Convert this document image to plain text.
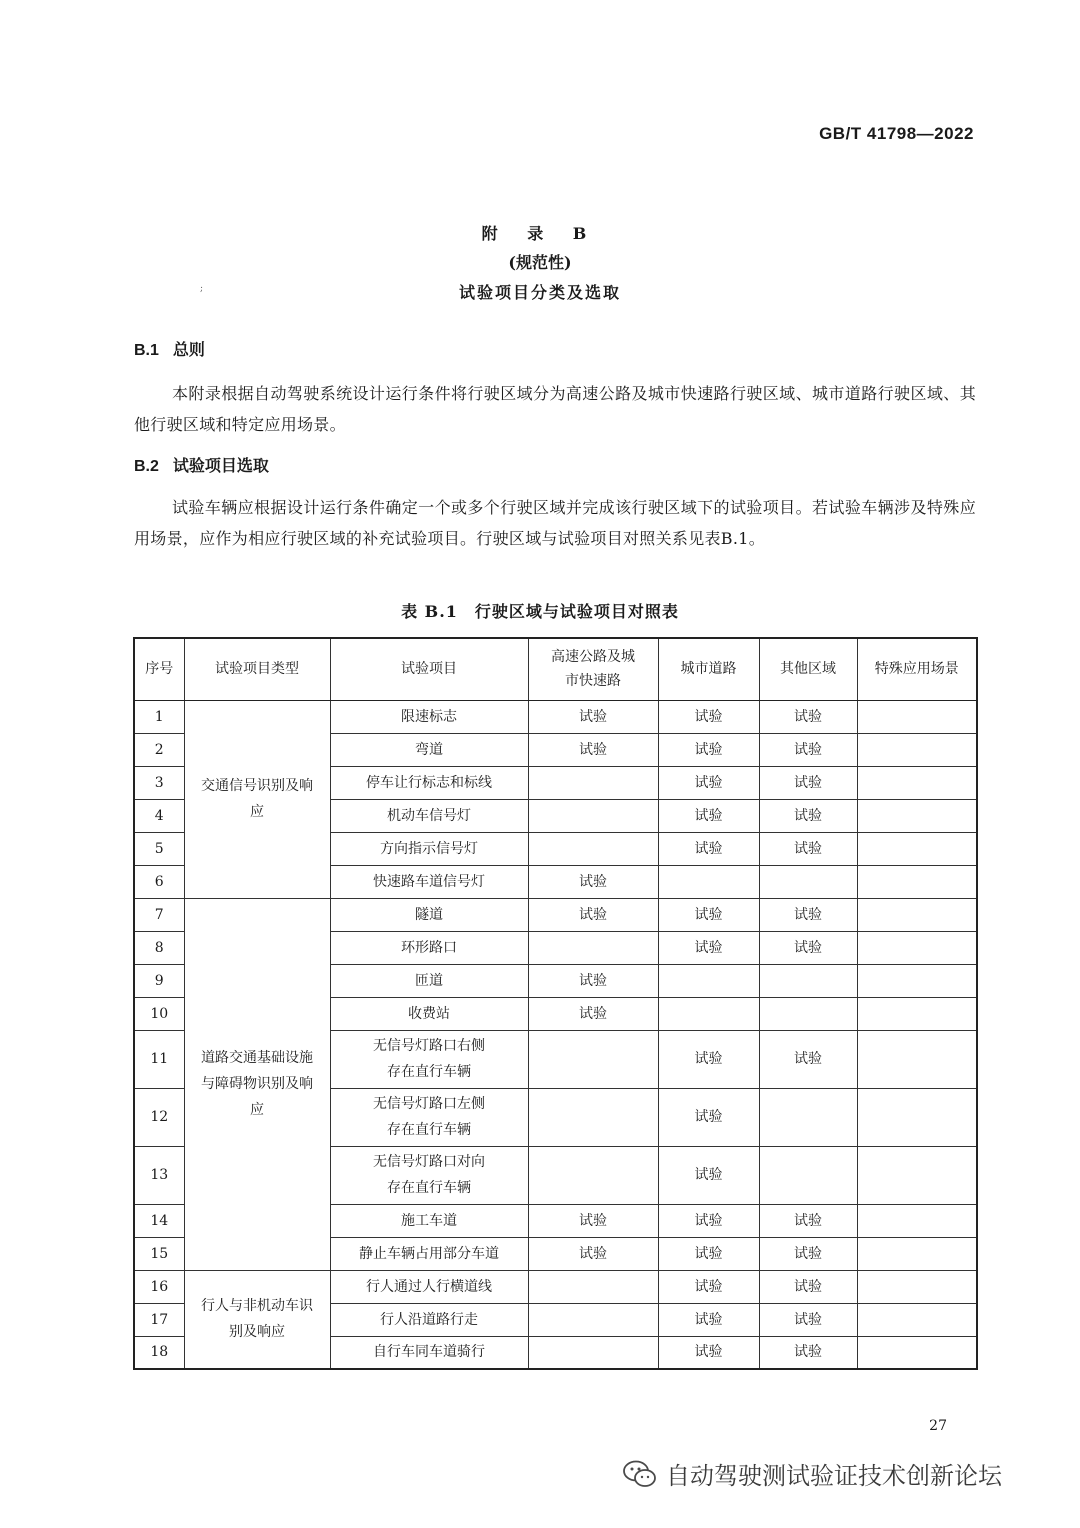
GB/T 41798—2022
附 录 B
(规范性)
试验项目分类及选取
;
B.1 总则
本附录根据自动驾驶系统设计运行条件将行驶区域分为高速公路及城市快速路行驶区域、城市道路行驶区域、其他行驶区域和特定应用场景。
B.2 试验项目选取
试验车辆应根据设计运行条件确定一个或多个行驶区域并完成该行驶区域下的试验项目。若试验车辆涉及特殊应用场景，应作为相应行驶区域的补充试验项目。行驶区域与试验项目对照关系见表B.1。
表 B.1　行驶区域与试验项目对照表
序号	试验项目类型	试验项目	高速公路及城市快速路	城市道路	其他区域	特殊应用场景
1	交通信号识别及响应	限速标志	试验	试验	试验	
2		弯道	试验	试验	试验	
3		停车让行标志和标线		试验	试验	
4		机动车信号灯		试验	试验	
5		方向指示信号灯		试验	试验	
6		快速路车道信号灯	试验			
7	道路交通基础设施与障碍物识别及响应	隧道	试验	试验	试验	
8		环形路口		试验	试验	
9		匝道	试验			
10		收费站	试验			
11		无信号灯路口右侧存在直行车辆		试验	试验	
12		无信号灯路口左侧存在直行车辆		试验		
13		无信号灯路口对向存在直行车辆		试验		
14		施工车道	试验	试验	试验	
15		静止车辆占用部分车道	试验	试验	试验	
16	行人与非机动车识别及响应	行人通过人行横道线		试验	试验	
17		行人沿道路行走		试验	试验	
18		自行车同车道骑行		试验	试验	
27
自动驾驶测试验证技术创新论坛
